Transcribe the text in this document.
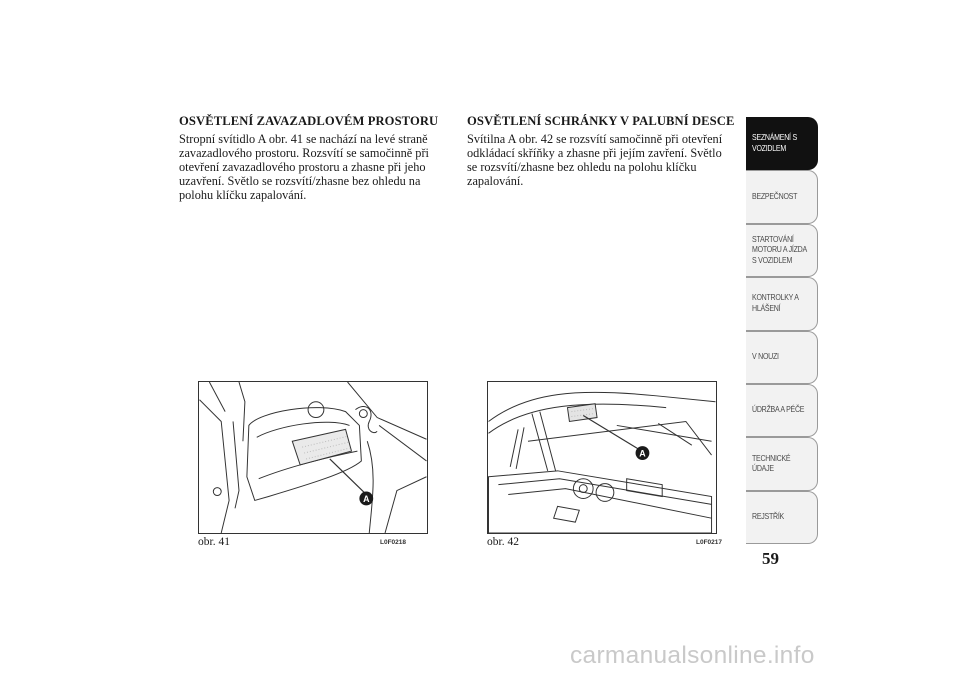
OSVĚTLENÍ ZAVAZADLOVÉM PROSTORU

Stropní svítidlo A obr. 41 se nachází na levé straně zavazadlového prostoru. Rozsvítí se samočinně při otevření zavazadlového prostoru a zhasne při jeho uzavření. Světlo se rozsvítí/zhasne bez ohledu na polohu klíčku zapalování.

OSVĚTLENÍ SCHRÁNKY V PALUBNÍ DESCE

Svítilna A obr. 42 se rozsvítí samočinně při otevření odkládací skříňky a zhasne při jejím zavření. Světlo se rozsvítí/zhasne bez ohledu na polohu klíčku zapalování.

A
obr. 41	L0F0218
A
obr. 42	L0F0217
SEZNÁMENÍ S
VOZIDLEM
BEZPEČNOST
STARTOVÁNÍ
MOTORU A JÍZDA
S VOZIDLEM
KONTROLKY A
HLÁŠENÍ
V NOUZI
ÚDRŽBA A PÉČE
TECHNICKÉ
ÚDAJE
REJSTŘÍK
59
carmanualsonline.info
